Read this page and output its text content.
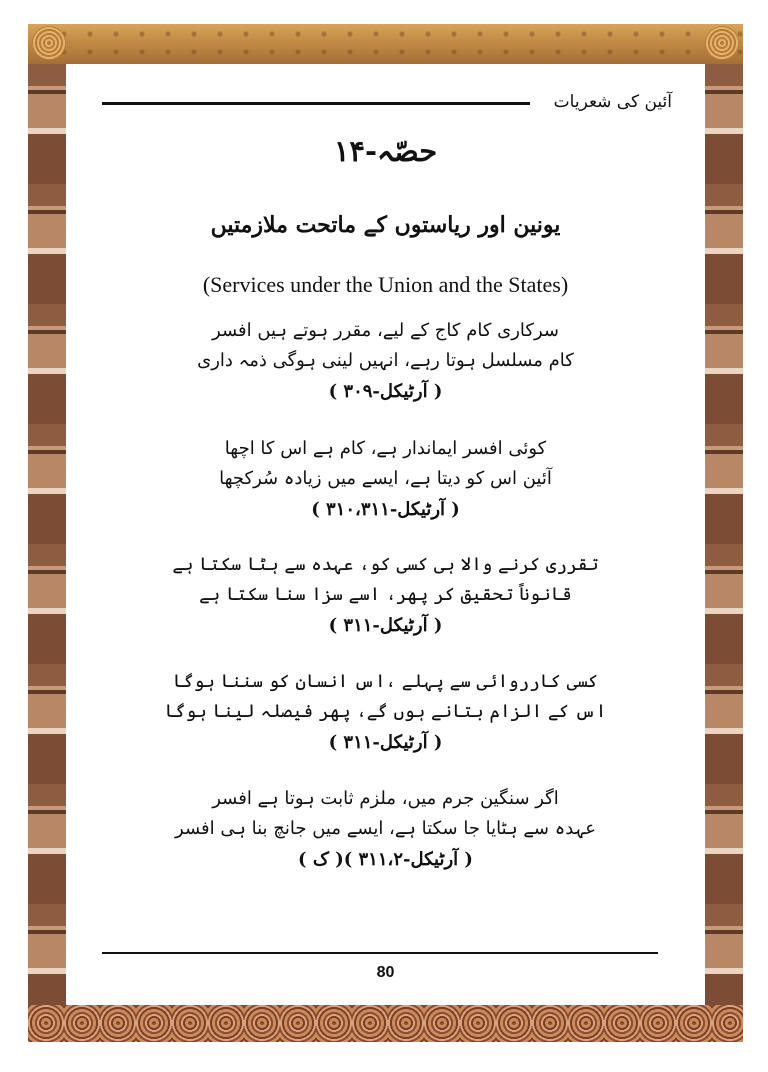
آئین کی شعریات
حصّہ-۱۴
یونین اور ریاستوں کے ماتحت ملازمتیں
(Services under the Union and the States)
سرکاری کام کاج کے لیے، مقرر ہوتے ہیں افسر
کام مسلسل ہوتا رہے، انہیں لینی ہوگی ذمہ داری
( آرٹیکل-۳۰۹ )
کوئی افسر ایماندار ہے، کام ہے اس کا اچھا
آئین اس کو دیتا ہے، ایسے میں زیادہ سُرکچھا
( آرٹیکل-۳۱۰،۳۱۱ )
تقرری کرنے والا ہی کسی کو، عہدہ سے ہٹا سکتا ہے
قانوناً تحقیق کر پھر، اسے سزا سنا سکتا ہے
( آرٹیکل-۳۱۱ )
کسی کارروائی سے پہلے ،اس انسان کو سننا ہوگا
اس کے الزام بتانے ہوں گے، پھر فیصلہ لینا ہوگا
( آرٹیکل-۳۱۱ )
اگر سنگین جرم میں، ملزم ثابت ہوتا ہے افسر
عہدہ سے ہٹایا جا سکتا ہے، ایسے میں جانچ بنا ہی افسر
( آرٹیکل-۳۱۱،۲ )( ک )
80
